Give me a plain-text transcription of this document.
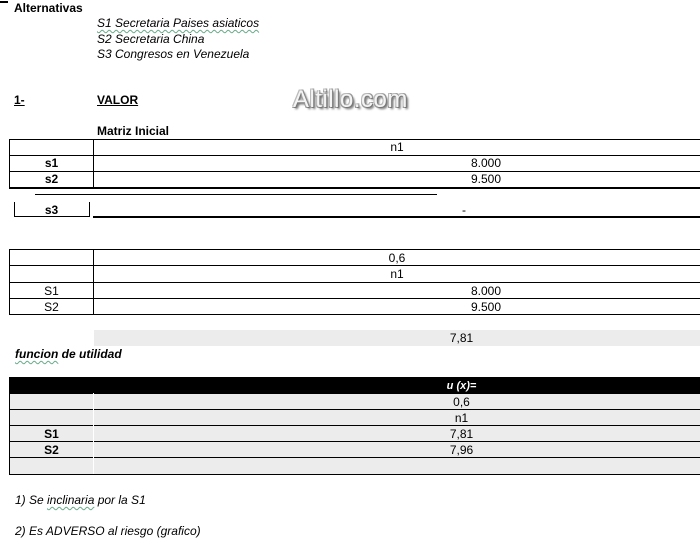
Alternativas
S1 Secretaria Paises asiaticos
S2 Secretaria China
S3 Congresos en Venezuela
1-	VALOR	Altillo.com
Matriz Inicial
n1
s1	8.000
s2	9.500
s3	-
0,6
n1
S1	8.000
S2	9.500
7,81
funcion de utilidad
u (x)=
0,6
n1
S1	7,81
S2	7,96
1) Se inclinaria por la S1
2) Es ADVERSO al riesgo (grafico)
